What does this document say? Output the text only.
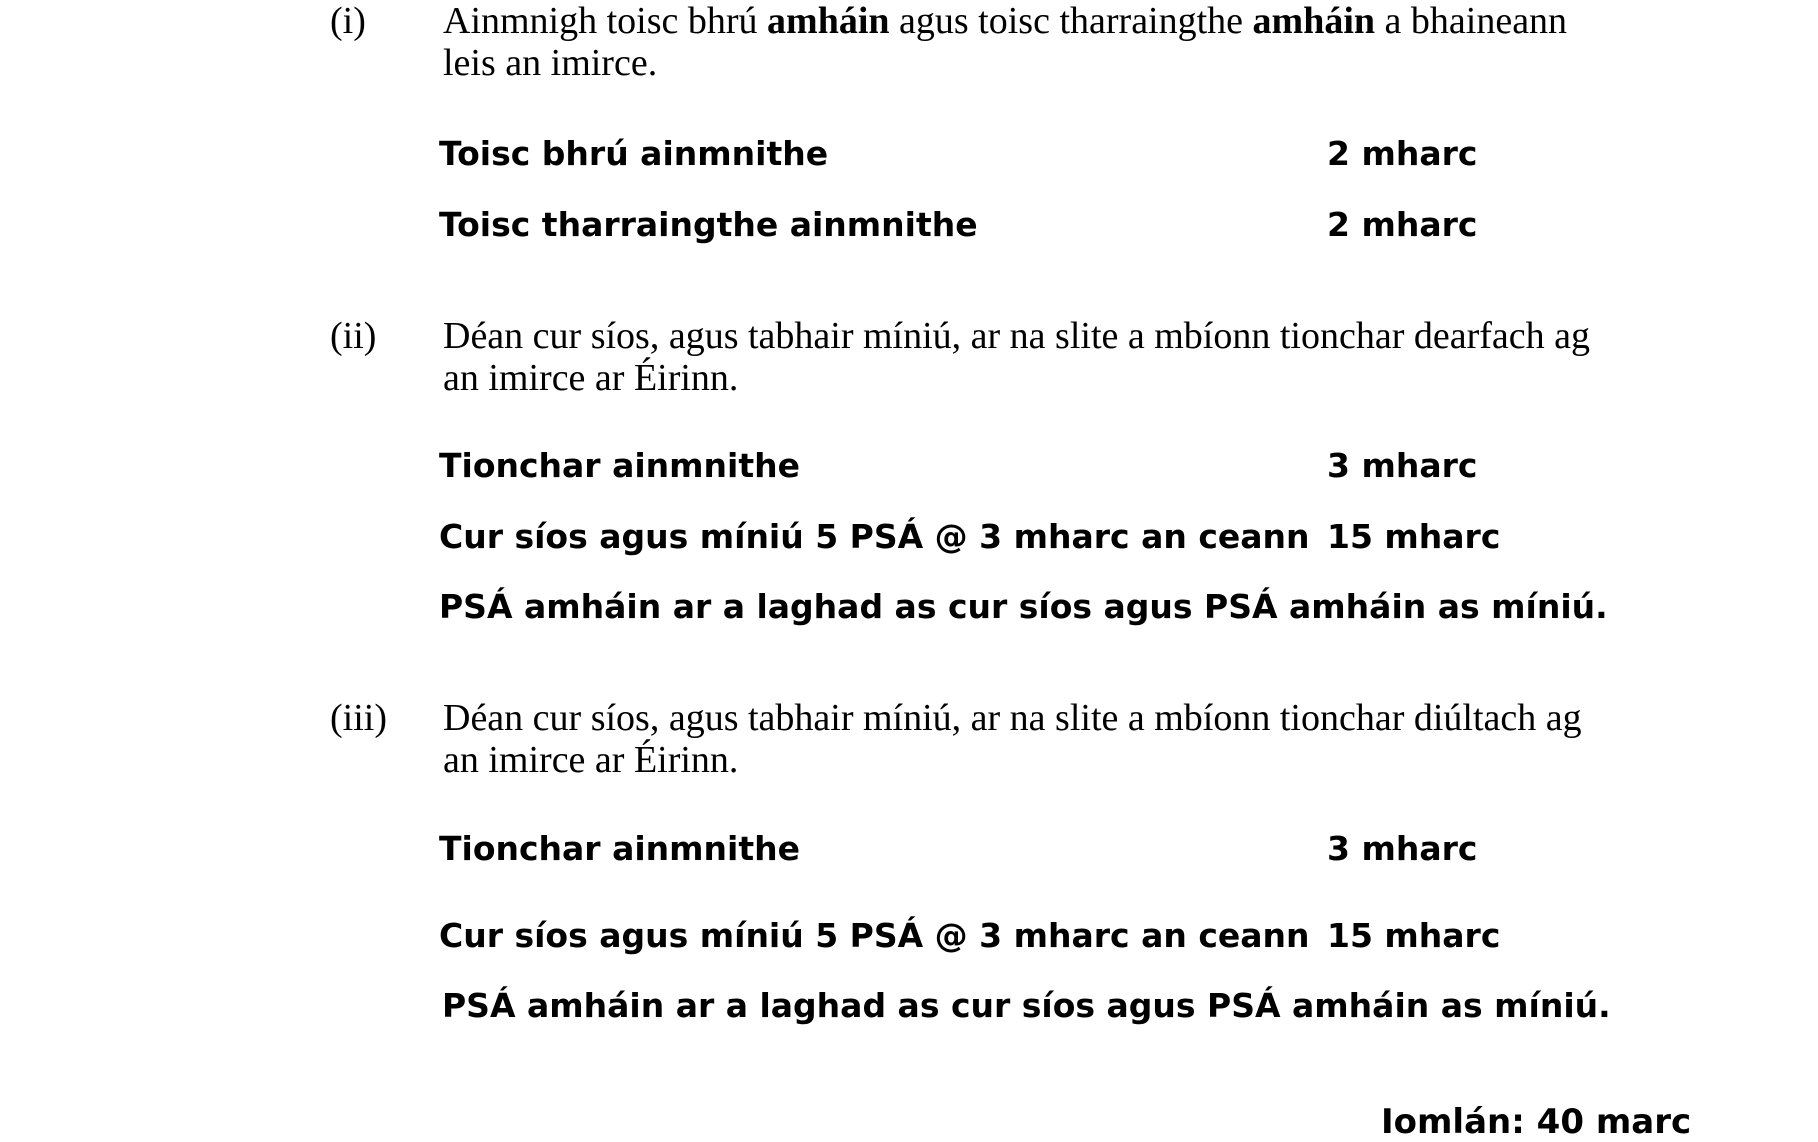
(i) Ainmnigh toisc bhrú amháin agus toisc tharraingthe amháin a bhaineann leis an imirce.
Toisc bhrú ainmnithe	2 mharc
Toisc tharraingthe ainmnithe	2 mharc
(ii) Déan cur síos, agus tabhair míniú, ar na slite a mbíonn tionchar dearfach ag an imirce ar Éirinn.
Tionchar ainmnithe	3 mharc
Cur síos agus míniú 5 PSÁ @ 3 mharc an ceann 15 mharc
PSÁ amháin ar a laghad as cur síos agus PSÁ amháin as míniú.
(iii) Déan cur síos, agus tabhair míniú, ar na slite a mbíonn tionchar diúltach ag an imirce ar Éirinn.
Tionchar ainmnithe	3 mharc
Cur síos agus míniú 5 PSÁ @ 3 mharc an ceann 15 mharc
PSÁ amháin ar a laghad as cur síos agus PSÁ amháin as míniú.
Iomlán: 40 marc
